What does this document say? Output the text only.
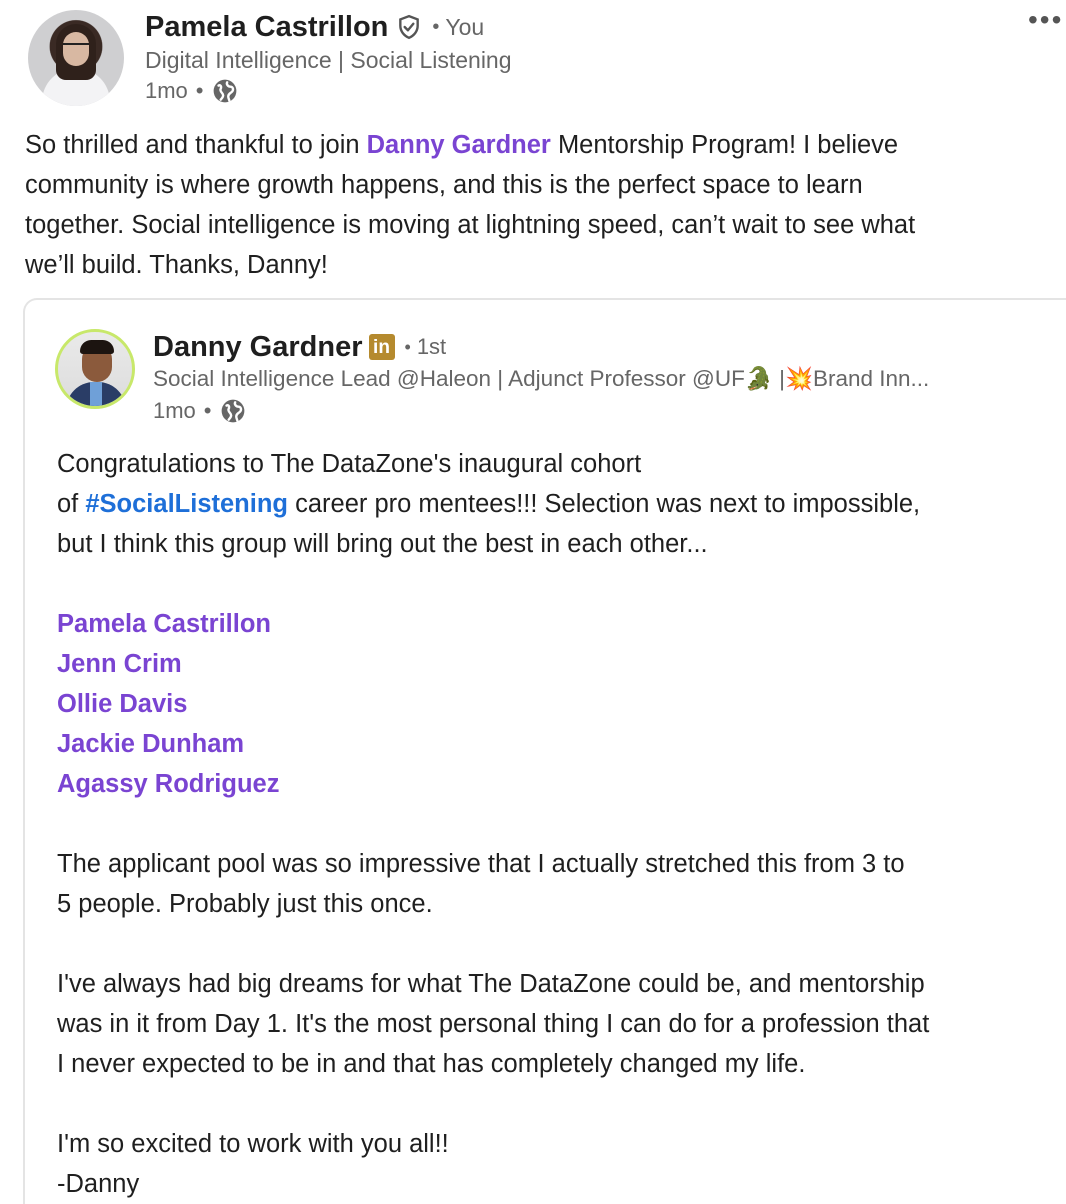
Pamela Castrillon • You
Digital Intelligence | Social Listening
1mo •
•••
So thrilled and thankful to join Danny Gardner Mentorship Program! I believe
community is where growth happens, and this is the perfect space to learn
together. Social intelligence is moving at lightning speed, can’t wait to see what
we’ll build. Thanks, Danny!
Danny Gardner in • 1st
Social Intelligence Lead @Haleon | Adjunct Professor @UF🐊 |💥Brand Inn...
1mo •
Congratulations to The DataZone's inaugural cohort
of #SocialListening career pro mentees!!! Selection was next to impossible,
but I think this group will bring out the best in each other...
Pamela Castrillon
Jenn Crim
Ollie Davis
Jackie Dunham
Agassy Rodriguez
The applicant pool was so impressive that I actually stretched this from 3 to
5 people. Probably just this once.
I've always had big dreams for what The DataZone could be, and mentorship
was in it from Day 1. It's the most personal thing I can do for a profession that
I never expected to be in and that has completely changed my life.
I'm so excited to work with you all!!
-Danny
